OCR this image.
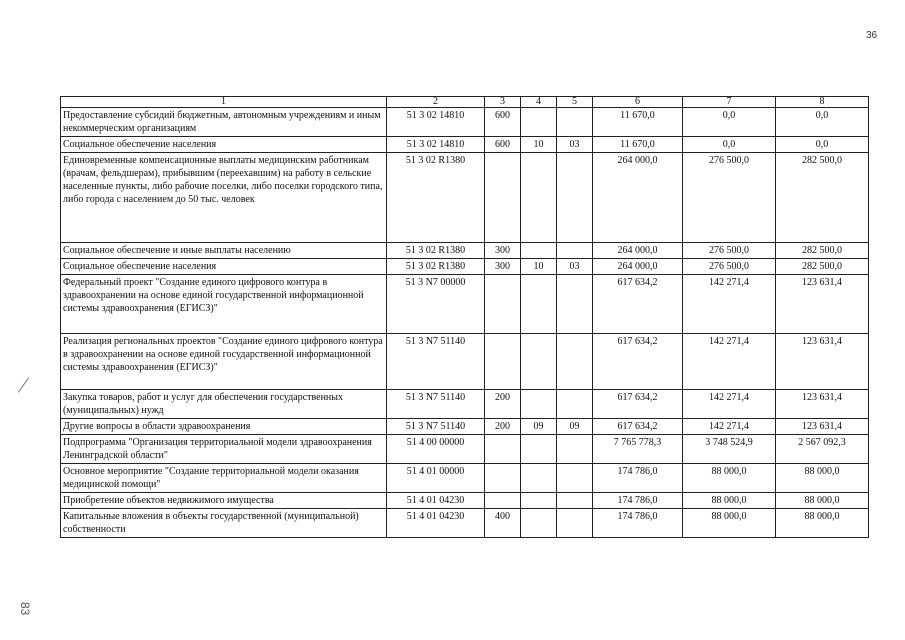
36
1	2	3	4	5	6	7	8
Предоставление субсидий бюджетным, автономным учреждениям и иным некоммерческим организациям	51 3 02 14810	600			11 670,0	0,0	0,0
Социальное обеспечение населения	51 3 02 14810	600	10	03	11 670,0	0,0	0,0
Единовременные компенсационные выплаты медицинским работникам (врачам, фельдшерам), прибывшим (переехавшим) на работу в сельские населенные пункты, либо рабочие поселки, либо поселки городского типа, либо города с населением до 50 тыс. человек	51 3 02 R1380				264 000,0	276 500,0	282 500,0
Социальное обеспечение и иные выплаты населению	51 3 02 R1380	300			264 000,0	276 500,0	282 500,0
Социальное обеспечение населения	51 3 02 R1380	300	10	03	264 000,0	276 500,0	282 500,0
Федеральный проект "Создание единого цифрового контура в здравоохранении на основе единой государственной информационной системы здравоохранения (ЕГИСЗ)"	51 3 N7 00000				617 634,2	142 271,4	123 631,4
Реализация региональных проектов "Создание единого цифрового контура в здравоохранении на основе единой государственной информационной системы здравоохранения (ЕГИСЗ)"	51 3 N7 51140				617 634,2	142 271,4	123 631,4
Закупка товаров, работ и услуг для обеспечения государственных (муниципальных) нужд	51 3 N7 51140	200			617 634,2	142 271,4	123 631,4
Другие вопросы в области здравоохранения	51 3 N7 51140	200	09	09	617 634,2	142 271,4	123 631,4
Подпрограмма "Организация территориальной модели здравоохранения Ленинградской области"	51 4 00 00000				7 765 778,3	3 748 524,9	2 567 092,3
Основное мероприятие "Создание территориальной модели оказания медицинской помощи"	51 4 01 00000				174 786,0	88 000,0	88 000,0
Приобретение объектов недвижимого имущества	51 4 01 04230				174 786,0	88 000,0	88 000,0
Капитальные вложения в объекты государственной (муниципальной) собственности	51 4 01 04230	400			174 786,0	88 000,0	88 000,0
83
